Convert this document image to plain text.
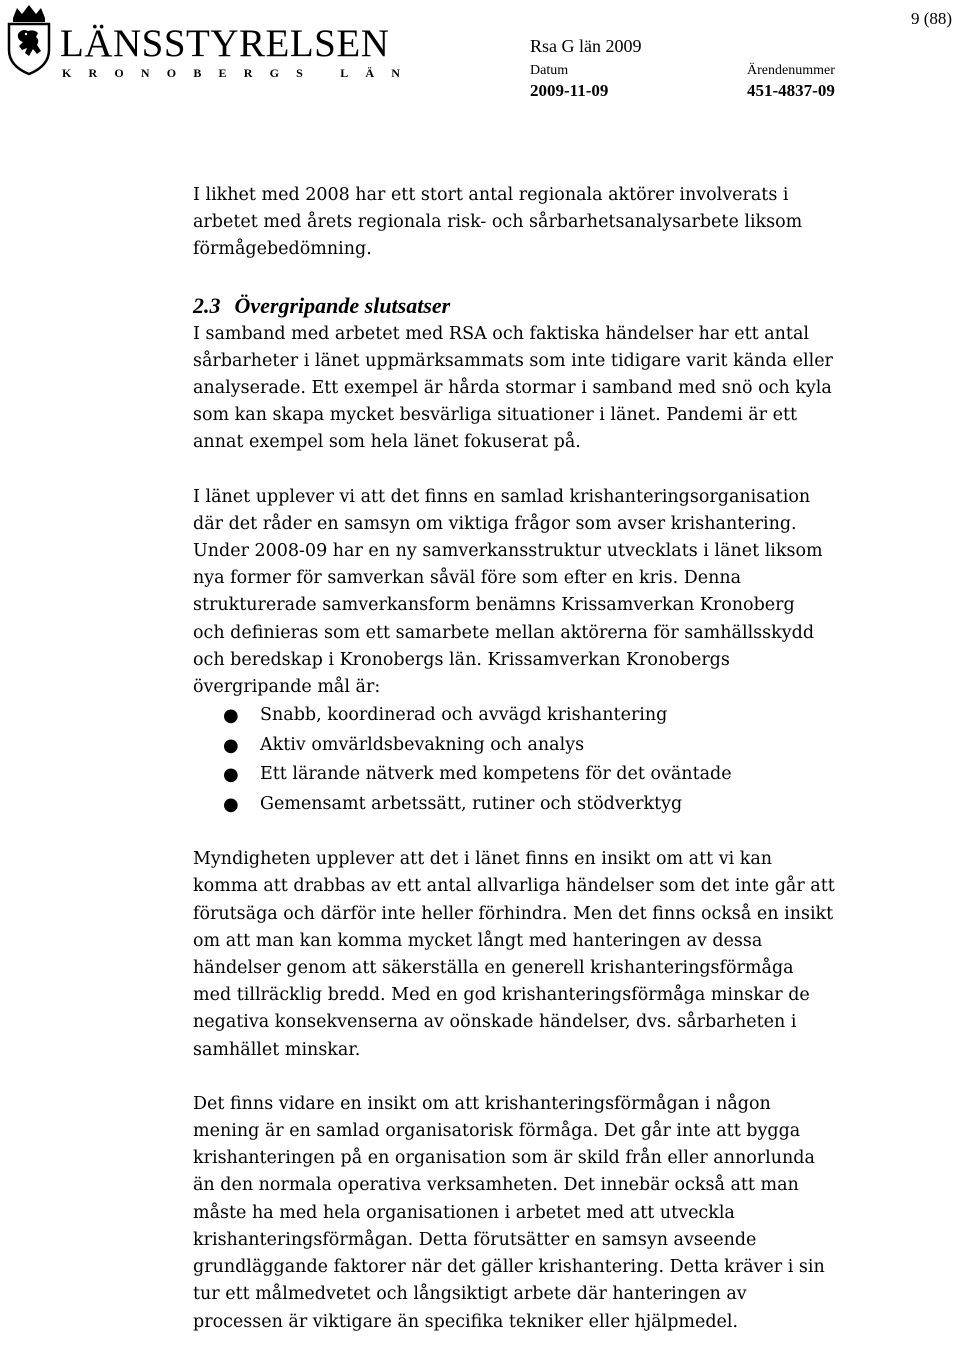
LÄNSSTYRELSEN
KRONOBERGS LÄN
Rsa G län 2009
Datum
2009-11-09
Ärendenummer
451-4837-09
9 (88)

I likhet med 2008 har ett stort antal regionala aktörer involverats i
arbetet med årets regionala risk- och sårbarhetsanalysarbete liksom
förmågebedömning.

2.3 Övergripande slutsatser

I samband med arbetet med RSA och faktiska händelser har ett antal
sårbarheter i länet uppmärksammats som inte tidigare varit kända eller
analyserade. Ett exempel är hårda stormar i samband med snö och kyla
som kan skapa mycket besvärliga situationer i länet. Pandemi är ett
annat exempel som hela länet fokuserat på.

I länet upplever vi att det finns en samlad krishanteringsorganisation
där det råder en samsyn om viktiga frågor som avser krishantering.
Under 2008-09 har en ny samverkansstruktur utvecklats i länet liksom
nya former för samverkan såväl före som efter en kris. Denna
strukturerade samverkansform benämns Krissamverkan Kronoberg
och definieras som ett samarbete mellan aktörerna för samhällsskydd
och beredskap i Kronobergs län. Krissamverkan Kronobergs
övergripande mål är:

● Snabb, koordinerad och avvägd krishantering
● Aktiv omvärldsbevakning och analys
● Ett lärande nätverk med kompetens för det oväntade
● Gemensamt arbetssätt, rutiner och stödverktyg

Myndigheten upplever att det i länet finns en insikt om att vi kan
komma att drabbas av ett antal allvarliga händelser som det inte går att
förutsäga och därför inte heller förhindra. Men det finns också en insikt
om att man kan komma mycket långt med hanteringen av dessa
händelser genom att säkerställa en generell krishanteringsförmåga
med tillräcklig bredd. Med en god krishanteringsförmåga minskar de
negativa konsekvenserna av oönskade händelser, dvs. sårbarheten i
samhället minskar.

Det finns vidare en insikt om att krishanteringsförmågan i någon
mening är en samlad organisatorisk förmåga. Det går inte att bygga
krishanteringen på en organisation som är skild från eller annorlunda
än den normala operativa verksamheten. Det innebär också att man
måste ha med hela organisationen i arbetet med att utveckla
krishanteringsförmågan. Detta förutsätter en samsyn avseende
grundläggande faktorer när det gäller krishantering. Detta kräver i sin
tur ett målmedvetet och långsiktigt arbete där hanteringen av
processen är viktigare än specifika tekniker eller hjälpmedel.
